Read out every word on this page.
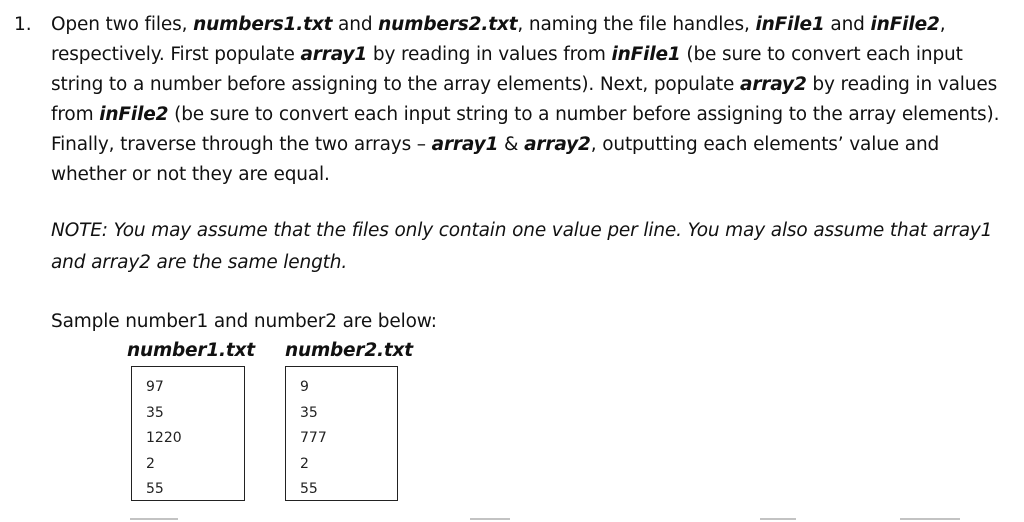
1. Open two files, numbers1.txt and numbers2.txt, naming the file handles, inFile1 and inFile2, respectively. First populate array1 by reading in values from inFile1 (be sure to convert each input string to a number before assigning to the array elements). Next, populate array2 by reading in values from inFile2 (be sure to convert each input string to a number before assigning to the array elements). Finally, traverse through the two arrays – array1 & array2, outputting each elements’ value and whether or not they are equal.
NOTE: You may assume that the files only contain one value per line. You may also assume that array1 and array2 are the same length.
Sample number1 and number2 are below:
number1.txt number2.txt
97
35
1220
2
55
9
35
777
2
55
